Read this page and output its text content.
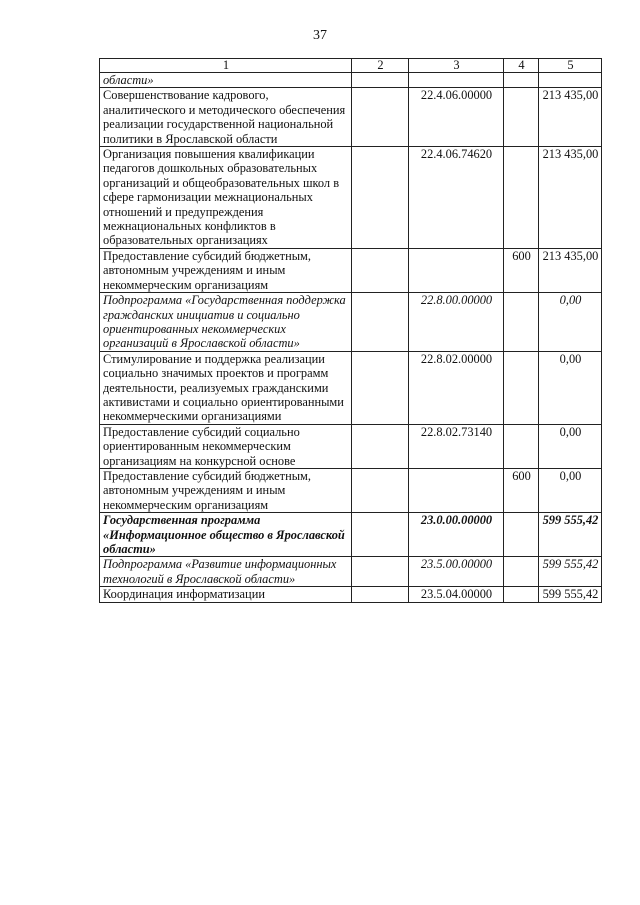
37
1	2	3	4	5
области»				
Совершенствование кадрового, аналитического и методического обеспечения реализации государственной национальной политики в Ярославской области		22.4.06.00000		213 435,00
Организация повышения квалификации педагогов дошкольных образовательных организаций и общеобразовательных школ в сфере гармонизации межнациональных отношений и предупреждения межнациональных конфликтов в образовательных организациях		22.4.06.74620		213 435,00
Предоставление субсидий бюджетным, автономным учреждениям и иным некоммерческим организациям			600	213 435,00
Подпрограмма «Государственная поддержка гражданских инициатив и социально ориентированных некоммерческих организаций в Ярославской области»		22.8.00.00000		0,00
Стимулирование и поддержка реализации социально значимых проектов и программ деятельности, реализуемых гражданскими активистами и социально ориентированными некоммерческими организациями		22.8.02.00000		0,00
Предоставление субсидий социально ориентированным некоммерческим организациям на конкурсной основе		22.8.02.73140		0,00
Предоставление субсидий бюджетным, автономным учреждениям и иным некоммерческим организациям			600	0,00
Государственная программа «Информационное общество в Ярославской области»		23.0.00.00000		599 555,42
Подпрограмма «Развитие информационных технологий в Ярославской области»		23.5.00.00000		599 555,42
Координация информатизации		23.5.04.00000		599 555,42
